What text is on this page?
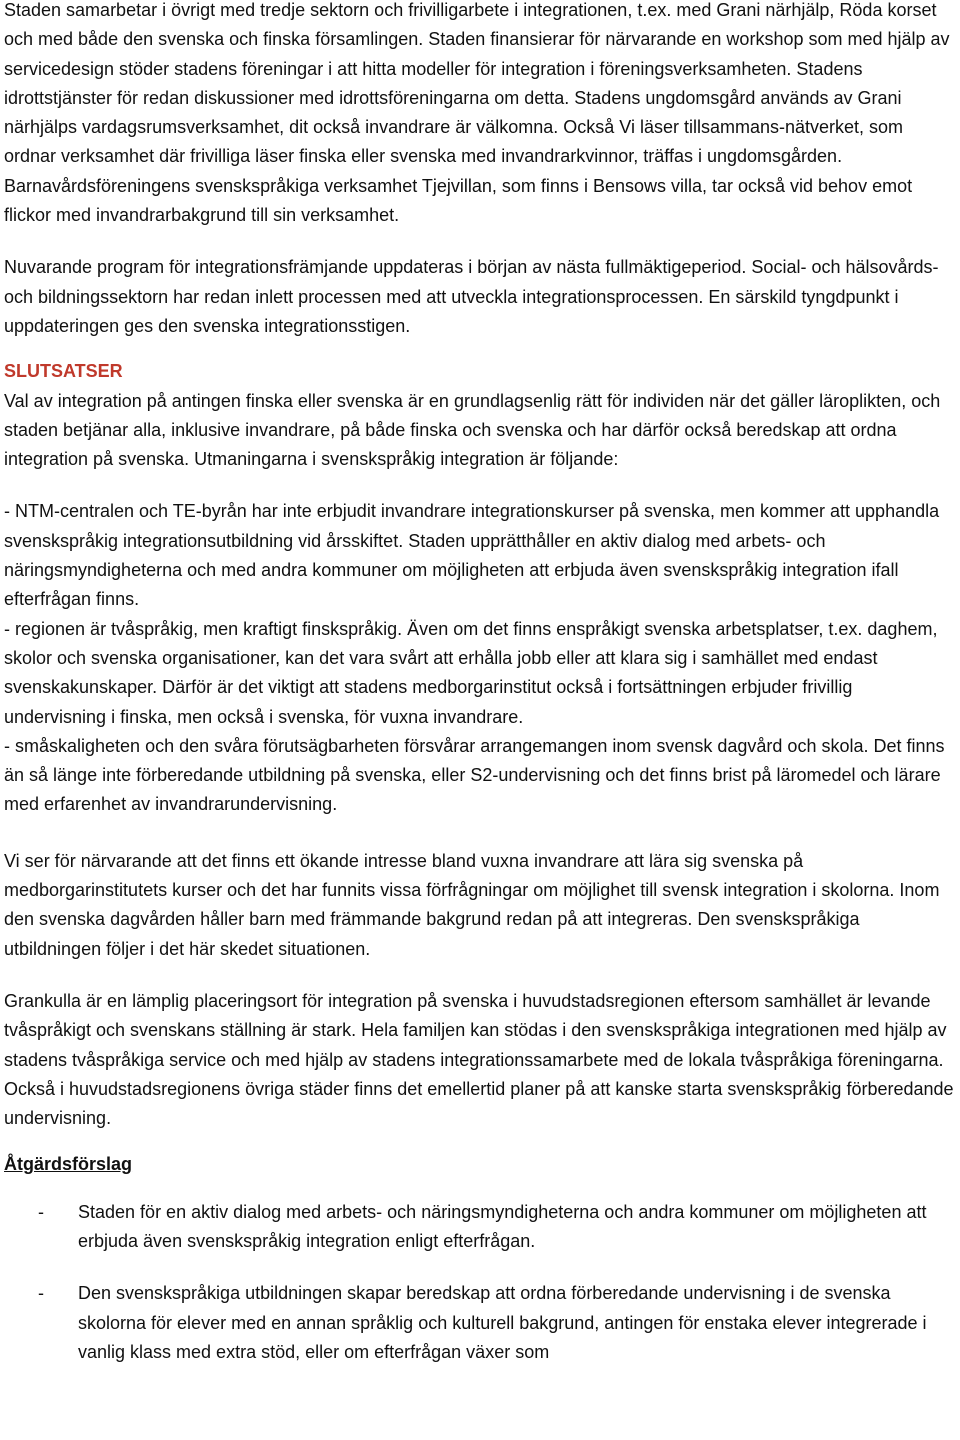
Staden samarbetar i övrigt med tredje sektorn och frivilligarbete i integrationen, t.ex. med Grani närhjälp, Röda korset och med både den svenska och finska församlingen. Staden finansierar för närvarande en workshop som med hjälp av servicedesign stöder stadens föreningar i att hitta modeller för integration i föreningsverksamheten. Stadens idrottstjänster för redan diskussioner med idrottsföreningarna om detta. Stadens ungdomsgård används av Grani närhjälps vardagsrumsverksamhet, dit också invandrare är välkomna. Också Vi läser tillsammans-nätverket, som ordnar verksamhet där frivilliga läser finska eller svenska med invandrarkvinnor, träffas i ungdomsgården. Barnavårdsföreningens svenskspråkiga verksamhet Tjejvillan, som finns i Bensows villa, tar också vid behov emot flickor med invandrarbakgrund till sin verksamhet.

Nuvarande program för integrationsfrämjande uppdateras i början av nästa fullmäktigeperiod. Social- och hälsovårds- och bildningssektorn har redan inlett processen med att utveckla integrationsprocessen. En särskild tyngdpunkt i uppdateringen ges den svenska integrationsstigen.

SLUTSATSER

Val av integration på antingen finska eller svenska är en grundlagsenlig rätt för individen när det gäller läroplikten, och staden betjänar alla, inklusive invandrare, på både finska och svenska och har därför också beredskap att ordna integration på svenska. Utmaningarna i svenskspråkig integration är följande:

- NTM-centralen och TE-byrån har inte erbjudit invandrare integrationskurser på svenska, men kommer att upphandla svenskspråkig integrationsutbildning vid årsskiftet. Staden upprätthåller en aktiv dialog med arbets- och näringsmyndigheterna och med andra kommuner om möjligheten att erbjuda även svenskspråkig integration ifall efterfrågan finns.

- regionen är tvåspråkig, men kraftigt finskspråkig. Även om det finns enspråkigt svenska arbetsplatser, t.ex. daghem, skolor och svenska organisationer, kan det vara svårt att erhålla jobb eller att klara sig i samhället med endast svenskakunskaper. Därför är det viktigt att stadens medborgarinstitut också i fortsättningen erbjuder frivillig undervisning i finska, men också i svenska, för vuxna invandrare.

- småskaligheten och den svåra förutsägbarheten försvårar arrangemangen inom svensk dagvård och skola. Det finns än så länge inte förberedande utbildning på svenska, eller S2-undervisning och det finns brist på läromedel och lärare med erfarenhet av invandrarundervisning.

Vi ser för närvarande att det finns ett ökande intresse bland vuxna invandrare att lära sig svenska på medborgarinstitutets kurser och det har funnits vissa förfrågningar om möjlighet till svensk integration i skolorna. Inom den svenska dagvården håller barn med främmande bakgrund redan på att integreras. Den svenskspråkiga utbildningen följer i det här skedet situationen.

Grankulla är en lämplig placeringsort för integration på svenska i huvudstadsregionen eftersom samhället är levande tvåspråkigt och svenskans ställning är stark. Hela familjen kan stödas i den svenskspråkiga integrationen med hjälp av stadens tvåspråkiga service och med hjälp av stadens integrationssamarbete med de lokala tvåspråkiga föreningarna. Också i huvudstadsregionens övriga städer finns det emellertid planer på att kanske starta svenskspråkig förberedande undervisning.

Åtgärdsförslag
-	Staden för en aktiv dialog med arbets- och näringsmyndigheterna och andra kommuner om möjligheten att erbjuda även svenskspråkig integration enligt efterfrågan.
-	Den svenskspråkiga utbildningen skapar beredskap att ordna förberedande undervisning i de svenska skolorna för elever med en annan språklig och kulturell bakgrund, antingen för enstaka elever integrerade i vanlig klass med extra stöd, eller om efterfrågan växer som
